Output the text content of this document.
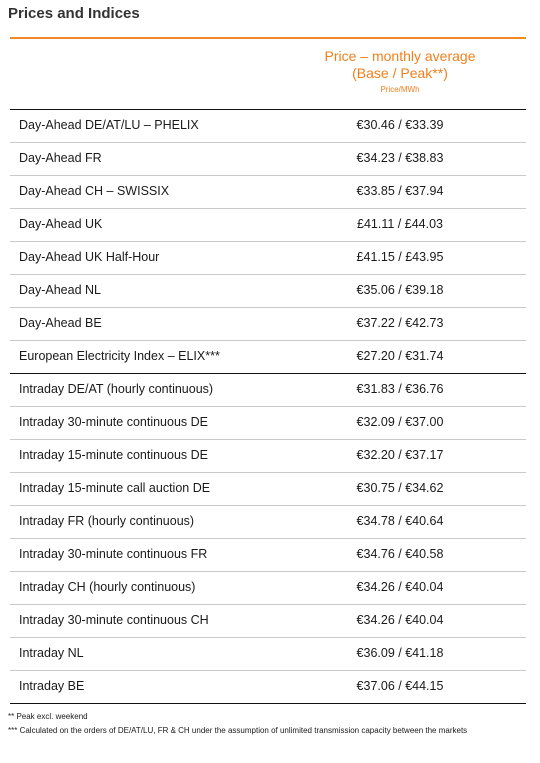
Prices and Indices
Price – monthly average
(Base / Peak**)
Price/MWh
Day-Ahead DE/AT/LU – PHELIX	€30.46 / €33.39
Day-Ahead FR	€34.23 / €38.83
Day-Ahead CH – SWISSIX	€33.85 / €37.94
Day-Ahead UK	£41.11 / £44.03
Day-Ahead UK Half-Hour	£41.15 / £43.95
Day-Ahead NL	€35.06 / €39.18
Day-Ahead BE	€37.22 / €42.73
European Electricity Index – ELIX***	€27.20 / €31.74
Intraday DE/AT (hourly continuous)	€31.83 / €36.76
Intraday 30-minute continuous DE	€32.09 / €37.00
Intraday 15-minute continuous DE	€32.20 / €37.17
Intraday 15-minute call auction DE	€30.75 / €34.62
Intraday FR (hourly continuous)	€34.78 / €40.64
Intraday 30-minute continuous FR	€34.76 / €40.58
Intraday CH (hourly continuous)	€34.26 / €40.04
Intraday 30-minute continuous CH	€34.26 / €40.04
Intraday NL	€36.09 / €41.18
Intraday BE	€37.06 / €44.15
** Peak excl. weekend
*** Calculated on the orders of DE/AT/LU, FR & CH under the assumption of unlimited transmission capacity between the markets
